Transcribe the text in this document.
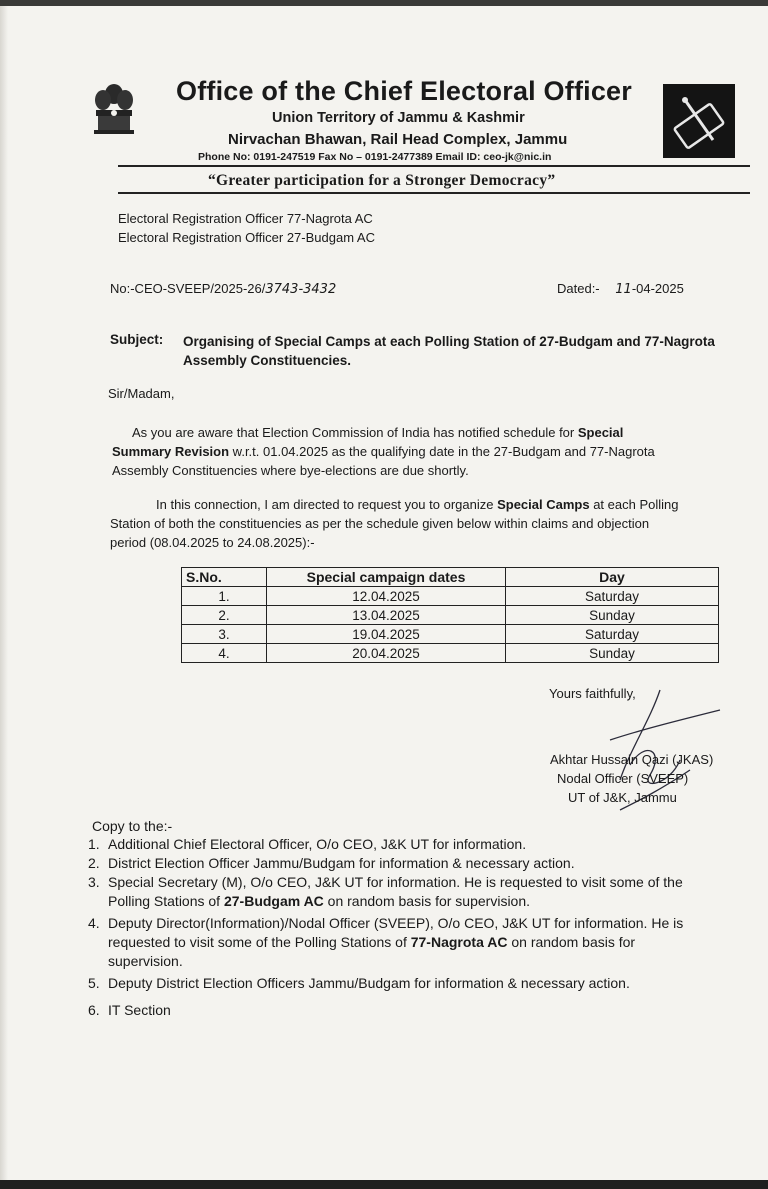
Office of the Chief Electoral Officer
Union Territory of Jammu & Kashmir
Nirvachan Bhawan, Rail Head Complex, Jammu
Phone No: 0191-247519 Fax No – 0191-2477389 Email ID: ceo-jk@nic.in
“Greater participation for a Stronger Democracy”
Electoral Registration Officer 77-Nagrota AC
Electoral Registration Officer 27-Budgam AC
No:-CEO-SVEEP/2025-26/3743-3432	Dated:- 11-04-2025
Subject: Organising of Special Camps at each Polling Station of 27-Budgam and 77-Nagrota Assembly Constituencies.
Sir/Madam,
As you are aware that Election Commission of India has notified schedule for Special
Summary Revision w.r.t. 01.04.2025 as the qualifying date in the 27-Budgam and 77-Nagrota
Assembly Constituencies where bye-elections are due shortly.
In this connection, I am directed to request you to organize Special Camps at each Polling
Station of both the constituencies as per the schedule given below within claims and objection
period (08.04.2025 to 24.08.2025):-
S.No.	Special campaign dates	Day
1.	12.04.2025	Saturday
2.	13.04.2025	Sunday
3.	19.04.2025	Saturday
4.	20.04.2025	Sunday
Yours faithfully,
Akhtar Hussain Qazi (JKAS)
Nodal Officer (SVEEP)
UT of J&K, Jammu
Copy to the:-
1. Additional Chief Electoral Officer, O/o CEO, J&K UT for information.
2. District Election Officer Jammu/Budgam for information & necessary action.
3. Special Secretary (M), O/o CEO, J&K UT for information. He is requested to visit some of the
Polling Stations of 27-Budgam AC on random basis for supervision.
4. Deputy Director(Information)/Nodal Officer (SVEEP), O/o CEO, J&K UT for information. He is
requested to visit some of the Polling Stations of 77-Nagrota AC on random basis for
supervision.
5. Deputy District Election Officers Jammu/Budgam for information & necessary action.
6. IT Section
